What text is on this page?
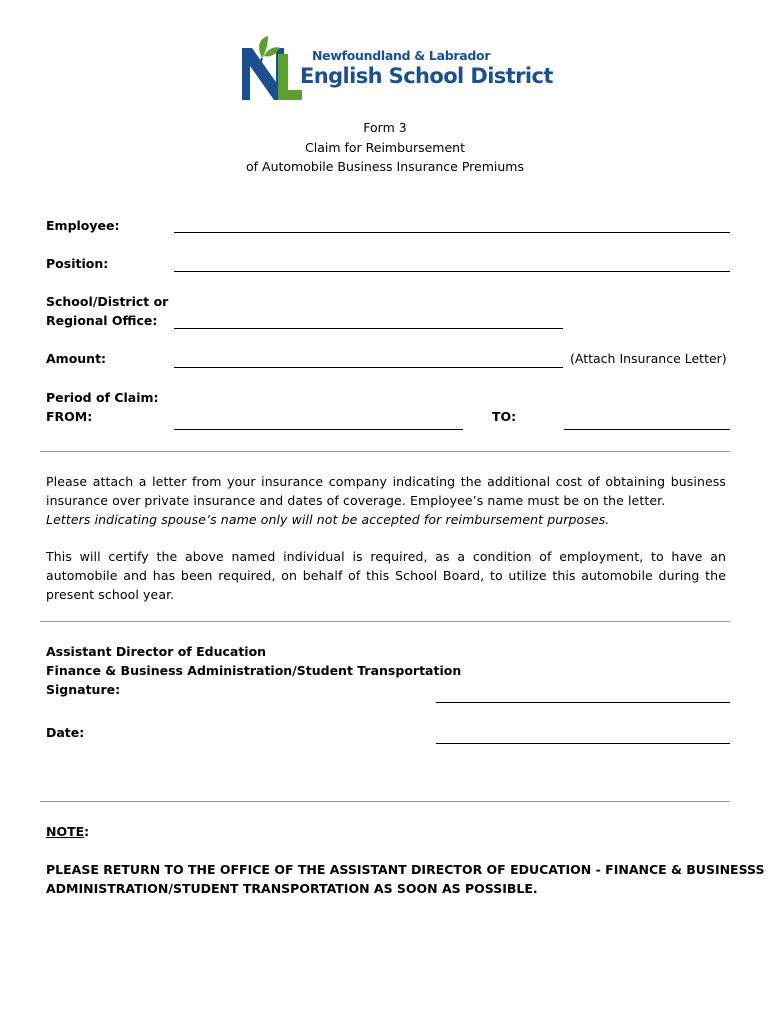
Newfoundland & Labrador
English School District
Form 3
Claim for Reimbursement
of Automobile Business Insurance Premiums
Employee:
Position:
School/District or
Regional Office:
Amount:	(Attach Insurance Letter)
Period of Claim:
FROM:	TO:
Please attach a letter from your insurance company indicating the additional cost of obtaining business insurance over private insurance and dates of coverage. Employee’s name must be on the letter.
Letters indicating spouse’s name only will not be accepted for reimbursement purposes.
This will certify the above named individual is required, as a condition of employment, to have an automobile and has been required, on behalf of this School Board, to utilize this automobile during the present school year.
Assistant Director of Education
Finance & Business Administration/Student Transportation
Signature:
Date:
NOTE:
PLEASE RETURN TO THE OFFICE OF THE ASSISTANT DIRECTOR OF EDUCATION - FINANCE & BUSINESSS
ADMINISTRATION/STUDENT TRANSPORTATION AS SOON AS POSSIBLE.
